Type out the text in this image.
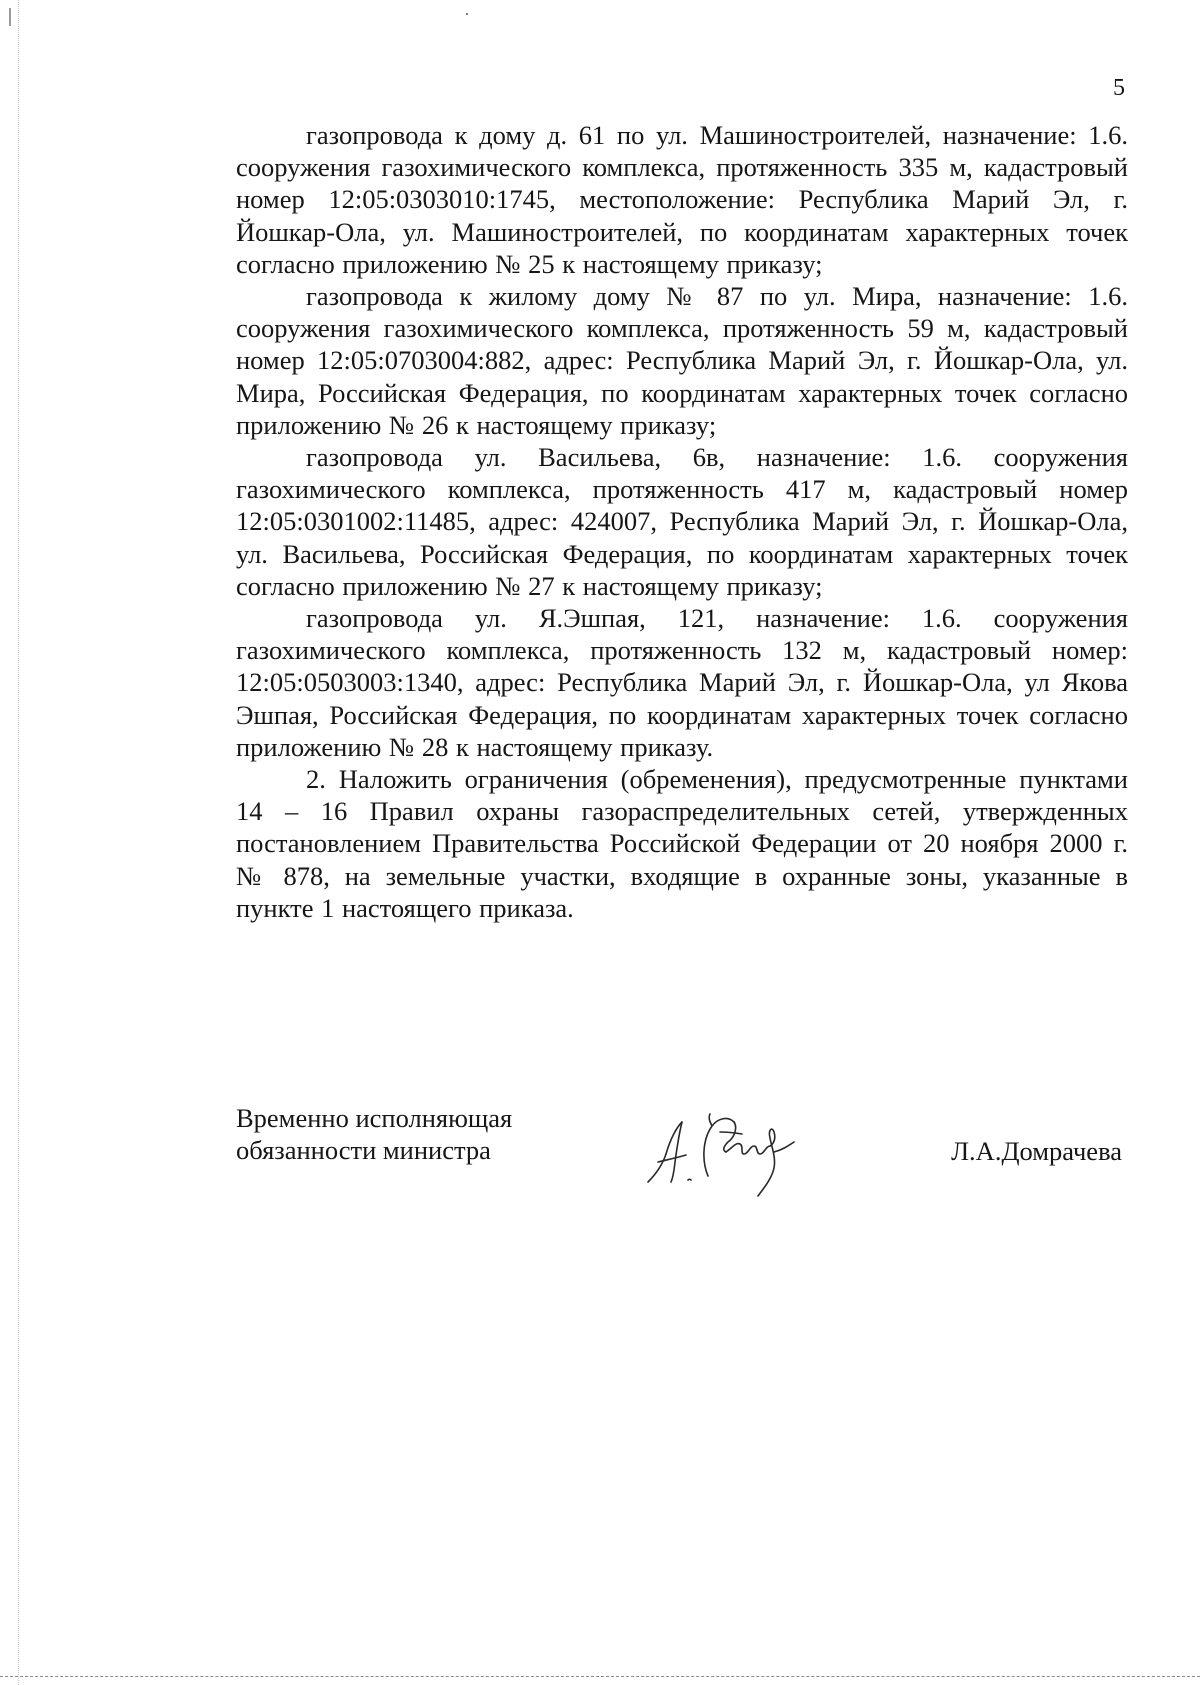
5

газопровода к дому д. 61 по ул. Машиностроителей, назначение: 1.6. сооружения газохимического комплекса, протяженность 335 м, кадастровый номер 12:05:0303010:1745, местоположение: Республика Марий Эл, г. Йошкар-Ола, ул. Машиностроителей, по координатам характерных точек согласно приложению № 25 к настоящему приказу;

газопровода к жилому дому № 87 по ул. Мира, назначение: 1.6. сооружения газохимического комплекса, протяженность 59 м, кадастровый номер 12:05:0703004:882, адрес: Республика Марий Эл, г. Йошкар-Ола, ул. Мира, Российская Федерация, по координатам характерных точек согласно приложению № 26 к настоящему приказу;

газопровода ул. Васильева, 6в, назначение: 1.6. сооружения газохимического комплекса, протяженность 417 м, кадастровый номер 12:05:0301002:11485, адрес: 424007, Республика Марий Эл, г. Йошкар-Ола, ул. Васильева, Российская Федерация, по координатам характерных точек согласно приложению № 27 к настоящему приказу;

газопровода ул. Я.Эшпая, 121, назначение: 1.6. сооружения газохимического комплекса, протяженность 132 м, кадастровый номер: 12:05:0503003:1340, адрес: Республика Марий Эл, г. Йошкар-Ола, ул Якова Эшпая, Российская Федерация, по координатам характерных точек согласно приложению № 28 к настоящему приказу.

2. Наложить ограничения (обременения), предусмотренные пунктами 14 – 16 Правил охраны газораспределительных сетей, утвержденных постановлением Правительства Российской Федерации от 20 ноября 2000 г. № 878, на земельные участки, входящие в охранные зоны, указанные в пункте 1 настоящего приказа.

Временно исполняющая
обязанности министра	Л.А.Домрачева
